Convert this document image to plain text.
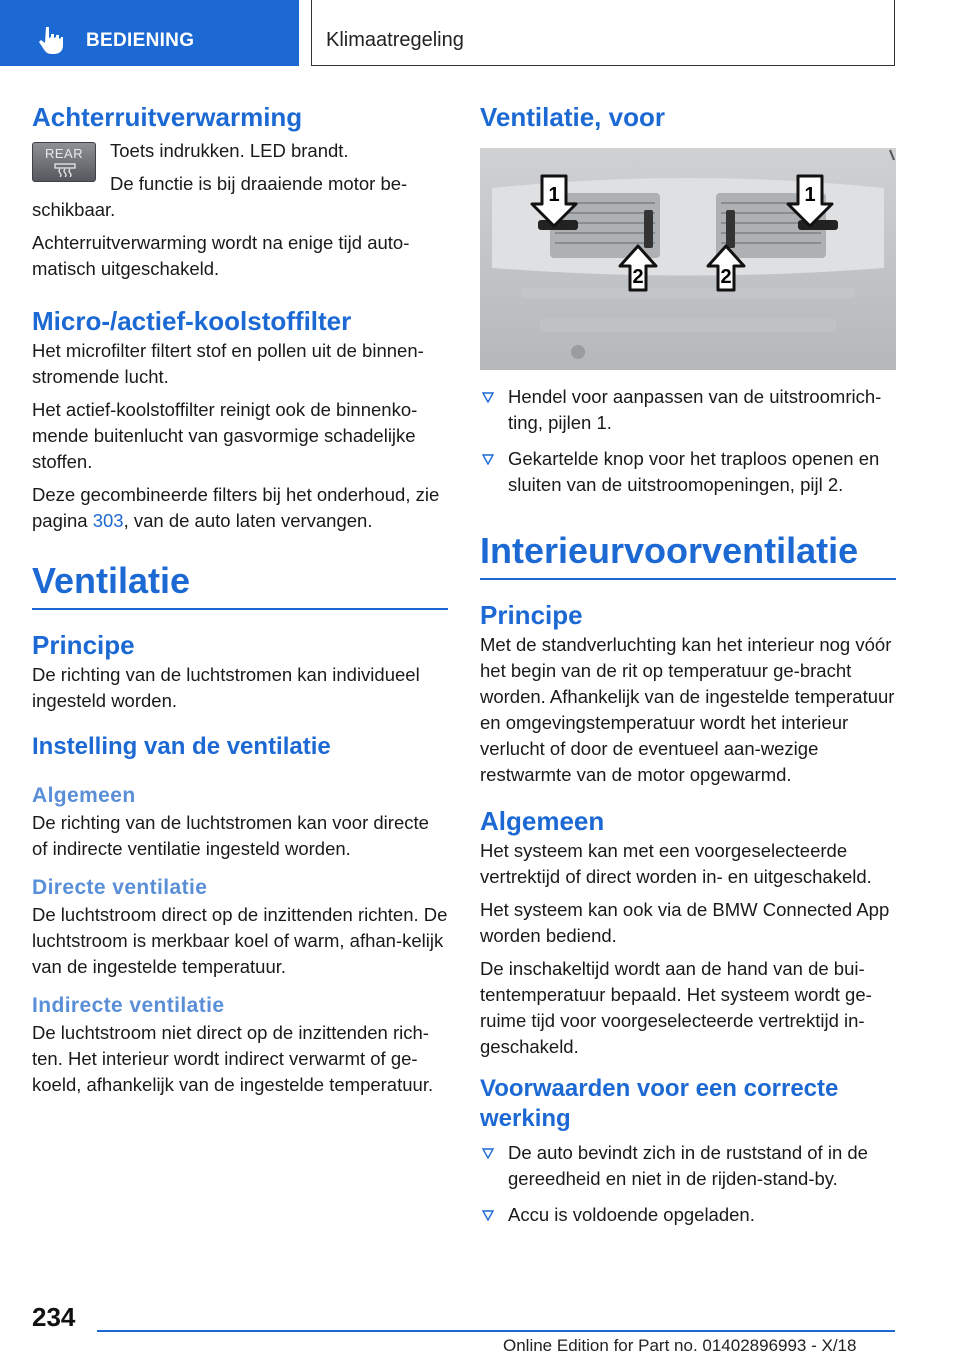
BEDIENING	Klimaatregeling
Achterruitverwarming
REAR	Toets indrukken. LED brandt.

De functie is bij draaiende motor be-schikbaar.

Achterruitverwarming wordt na enige tijd auto-matisch uitgeschakeld.

Micro-/actief-koolstoffilter

Het microfilter filtert stof en pollen uit de binnen-stromende lucht.

Het actief-koolstoffilter reinigt ook de binnenko-mende buitenlucht van gasvormige schadelijke stoffen.

Deze gecombineerde filters bij het onderhoud, zie pagina 303, van de auto laten vervangen.

Ventilatie
Principe

De richting van de luchtstromen kan individueel ingesteld worden.

Instelling van de ventilatie
Algemeen

De richting van de luchtstromen kan voor directe of indirecte ventilatie ingesteld worden.

Directe ventilatie

De luchtstroom direct op de inzittenden richten. De luchtstroom is merkbaar koel of warm, afhan-kelijk van de ingestelde temperatuur.

Indirecte ventilatie

De luchtstroom niet direct op de inzittenden rich-ten. Het interieur wordt indirect verwarmt of ge-koeld, afhankelijk van de ingestelde temperatuur.

Ventilatie, voor
1	1
2	2
Hendel voor aanpassen van de uitstroomrich-ting, pijlen 1.
Gekartelde knop voor het traploos openen en sluiten van de uitstroomopeningen, pijl 2.
Interieurvoorventilatie
Principe

Met de standverluchting kan het interieur nog vóór het begin van de rit op temperatuur ge-bracht worden. Afhankelijk van de ingestelde temperatuur en omgevingstemperatuur wordt het interieur verlucht of door de eventueel aan-wezige restwarmte van de motor opgewarmd.

Algemeen

Het systeem kan met een voorgeselecteerde vertrektijd of direct worden in- en uitgeschakeld.

Het systeem kan ook via de BMW Connected App worden bediend.

De inschakeltijd wordt aan de hand van de bui-tentemperatuur bepaald. Het systeem wordt ge-ruime tijd voor voorgeselecteerde vertrektijd in-geschakeld.

Voorwaarden voor een correcte werking
De auto bevindt zich in de ruststand of in de gereedheid en niet in de rijden-stand-by.
Accu is voldoende opgeladen.
234
Online Edition for Part no. 01402896993 - X/18
